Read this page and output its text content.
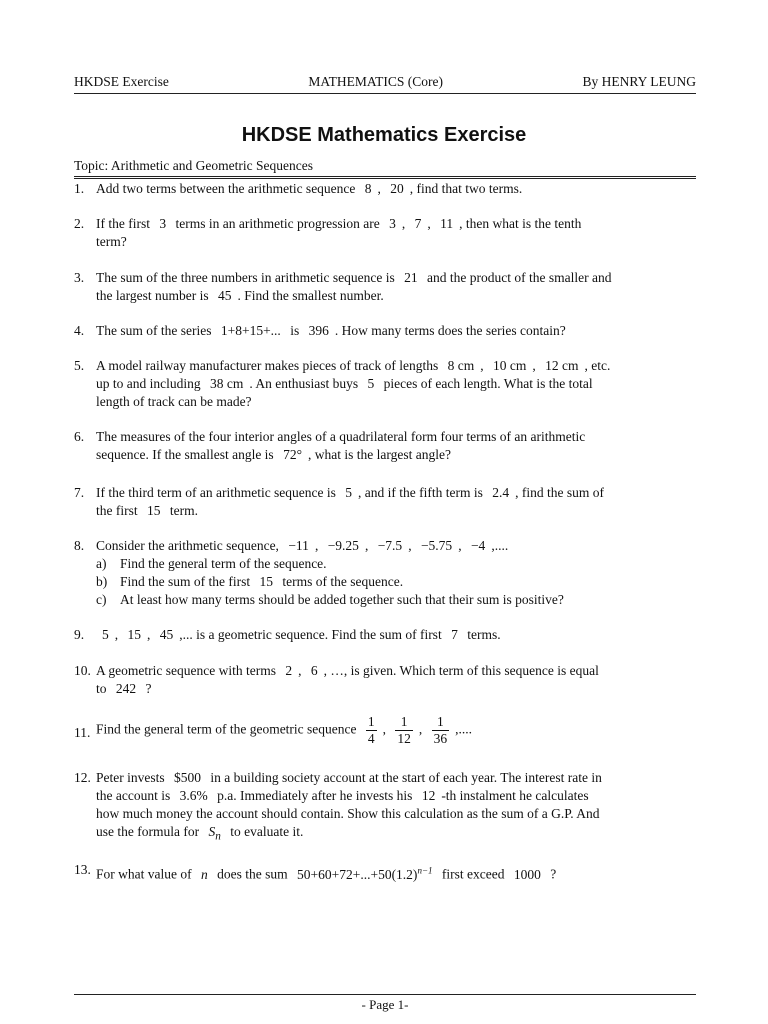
HKDSE Exercise	MATHEMATICS (Core)	By HENRY LEUNG
HKDSE Mathematics Exercise
Topic: Arithmetic and Geometric Sequences
1. Add two terms between the arithmetic sequence 8 , 20 , find that two terms.
2. If the first 3 terms in an arithmetic progression are 3 , 7 , 11 , then what is the tenth
term?
3. The sum of the three numbers in arithmetic sequence is 21 and the product of the smaller and
the largest number is 45 . Find the smallest number.
4. The sum of the series 1+8+15+... is 396 . How many terms does the series contain?
5. A model railway manufacturer makes pieces of track of lengths 8 cm , 10 cm , 12 cm , etc.
up to and including 38 cm . An enthusiast buys 5 pieces of each length. What is the total
length of track can be made?
6. The measures of the four interior angles of a quadrilateral form four terms of an arithmetic
sequence. If the smallest angle is 72° , what is the largest angle?
7. If the third term of an arithmetic sequence is 5 , and if the fifth term is 2.4 , find the sum of
the first 15 term.
8. Consider the arithmetic sequence, −11 , −9.25 , −7.5 , −5.75 , −4 ,....
a) Find the general term of the sequence.
b) Find the sum of the first 15 terms of the sequence.
c) At least how many terms should be added together such that their sum is positive?
9.	5 , 15 , 45 ,... is a geometric sequence. Find the sum of first 7 terms.
10. A geometric sequence with terms 2 , 6 , …, is given. Which term of this sequence is equal
to 242 ?
11. Find the general term of the geometric sequence $\frac{1}{4}$ , $\frac{1}{12}$ , $\frac{1}{36}$ ,....
12. Peter invests $500 in a building society account at the start of each year. The interest rate in
the account is 3.6% p.a. Immediately after he invests his 12 -th instalment he calculates
how much money the account should contain. Show this calculation as the sum of a G.P. And
use the formula for $S_n$ to evaluate it.
13. For what value of n does the sum $50+60+72+...+50(1.2)^{n-1}$ first exceed 1000 ?
- Page 1-
